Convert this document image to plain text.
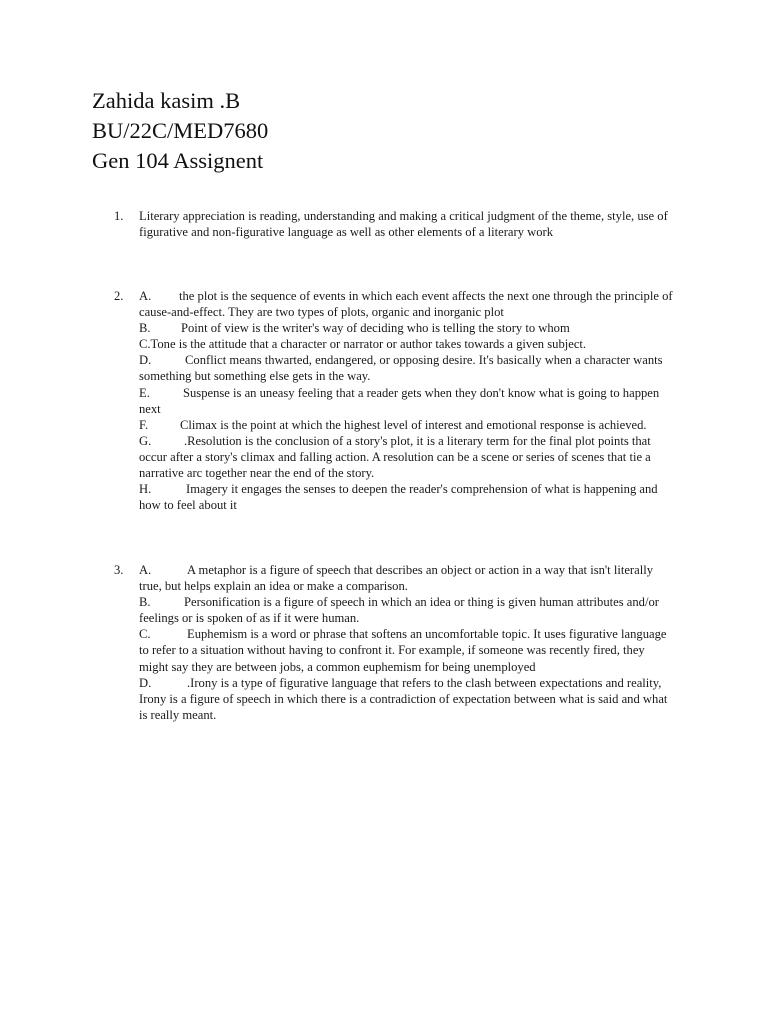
Zahida kasim .B
BU/22C/MED7680
Gen 104 Assignent
1.	Literary appreciation is reading, understanding and making a critical judgment of the theme, style, use of figurative and non-figurative language as well as other elements of a literary work
2.	A. the plot is the sequence of events in which each event affects the next one through the principle of cause-and-effect. They are two types of plots, organic and inorganic plot
B. Point of view is the writer's way of deciding who is telling the story to whom
C.Tone is the attitude that a character or narrator or author takes towards a given subject.
D.	Conflict means thwarted, endangered, or opposing desire. It's basically when a character wants something but something else gets in the way.
E.	Suspense is an uneasy feeling that a reader gets when they don't know what is going to happen next
F.	Climax is the point at which the highest level of interest and emotional response is achieved.
G.	.Resolution is the conclusion of a story's plot, it is a literary term for the final plot points that occur after a story's climax and falling action. A resolution can be a scene or series of scenes that tie a narrative arc together near the end of the story.
H.	Imagery it engages the senses to deepen the reader's comprehension of what is happening and how to feel about it
3.	A.	A metaphor is a figure of speech that describes an object or action in a way that isn't literally true, but helps explain an idea or make a comparison.
B.	Personification is a figure of speech in which an idea or thing is given human attributes and/or feelings or is spoken of as if it were human.
C.	Euphemism is a word or phrase that softens an uncomfortable topic. It uses figurative language to refer to a situation without having to confront it. For example, if someone was recently fired, they might say they are between jobs, a common euphemism for being unemployed
D.	.Irony is a type of figurative language that refers to the clash between expectations and reality, Irony is a figure of speech in which there is a contradiction of expectation between what is said and what is really meant.
